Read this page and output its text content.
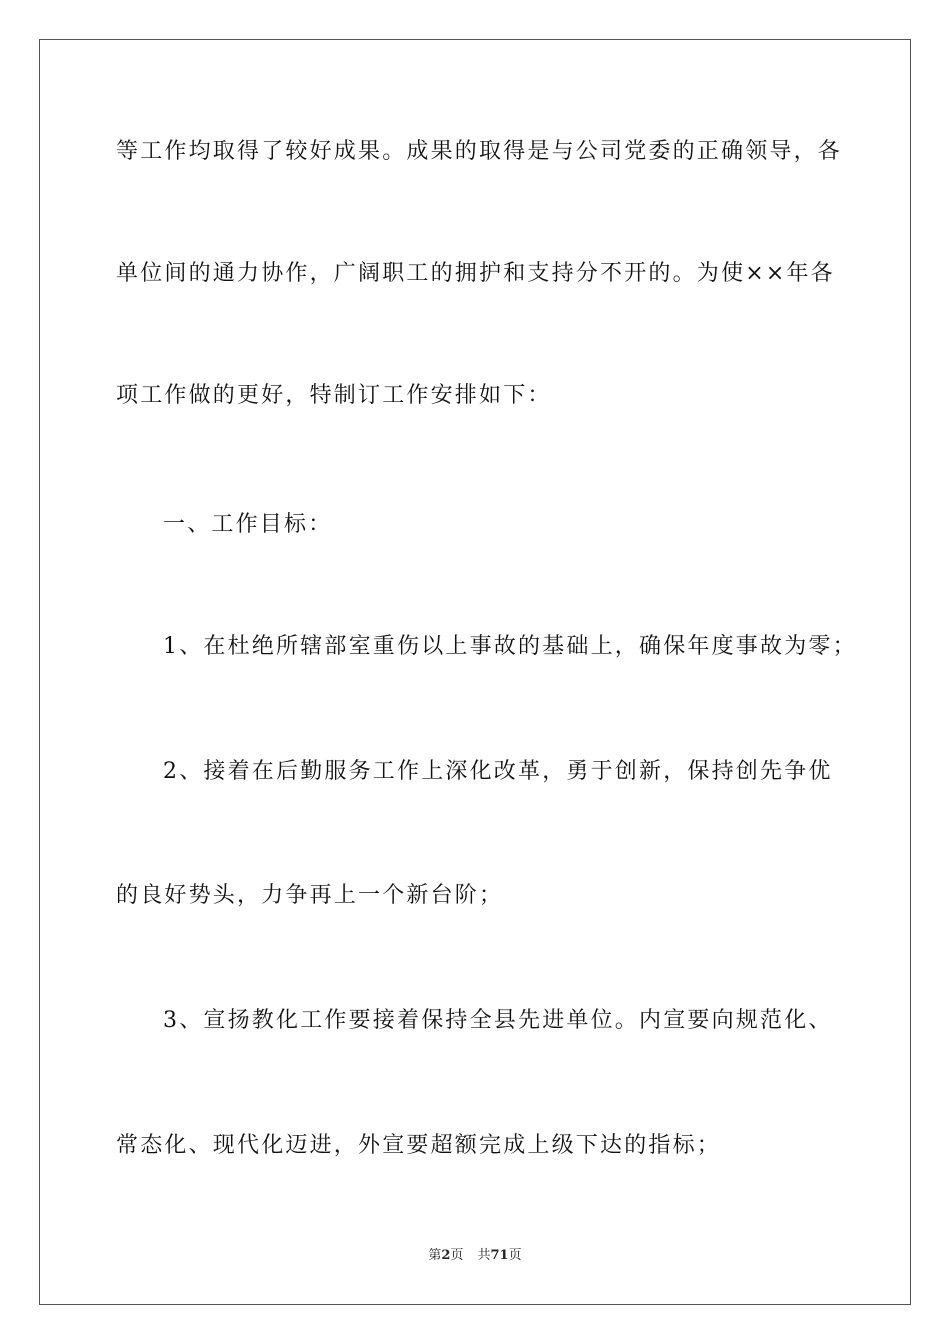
等工作均取得了较好成果。成果的取得是与公司党委的正确领导，各
单位间的通力协作，广阔职工的拥护和支持分不开的。为使××年各
项工作做的更好，特制订工作安排如下：
一、工作目标：
1、在杜绝所辖部室重伤以上事故的基础上，确保年度事故为零；
2、接着在后勤服务工作上深化改革，勇于创新，保持创先争优
的良好势头，力争再上一个新台阶；
3、宣扬教化工作要接着保持全县先进单位。内宣要向规范化、
常态化、现代化迈进，外宣要超额完成上级下达的指标；
第2页 共71页
